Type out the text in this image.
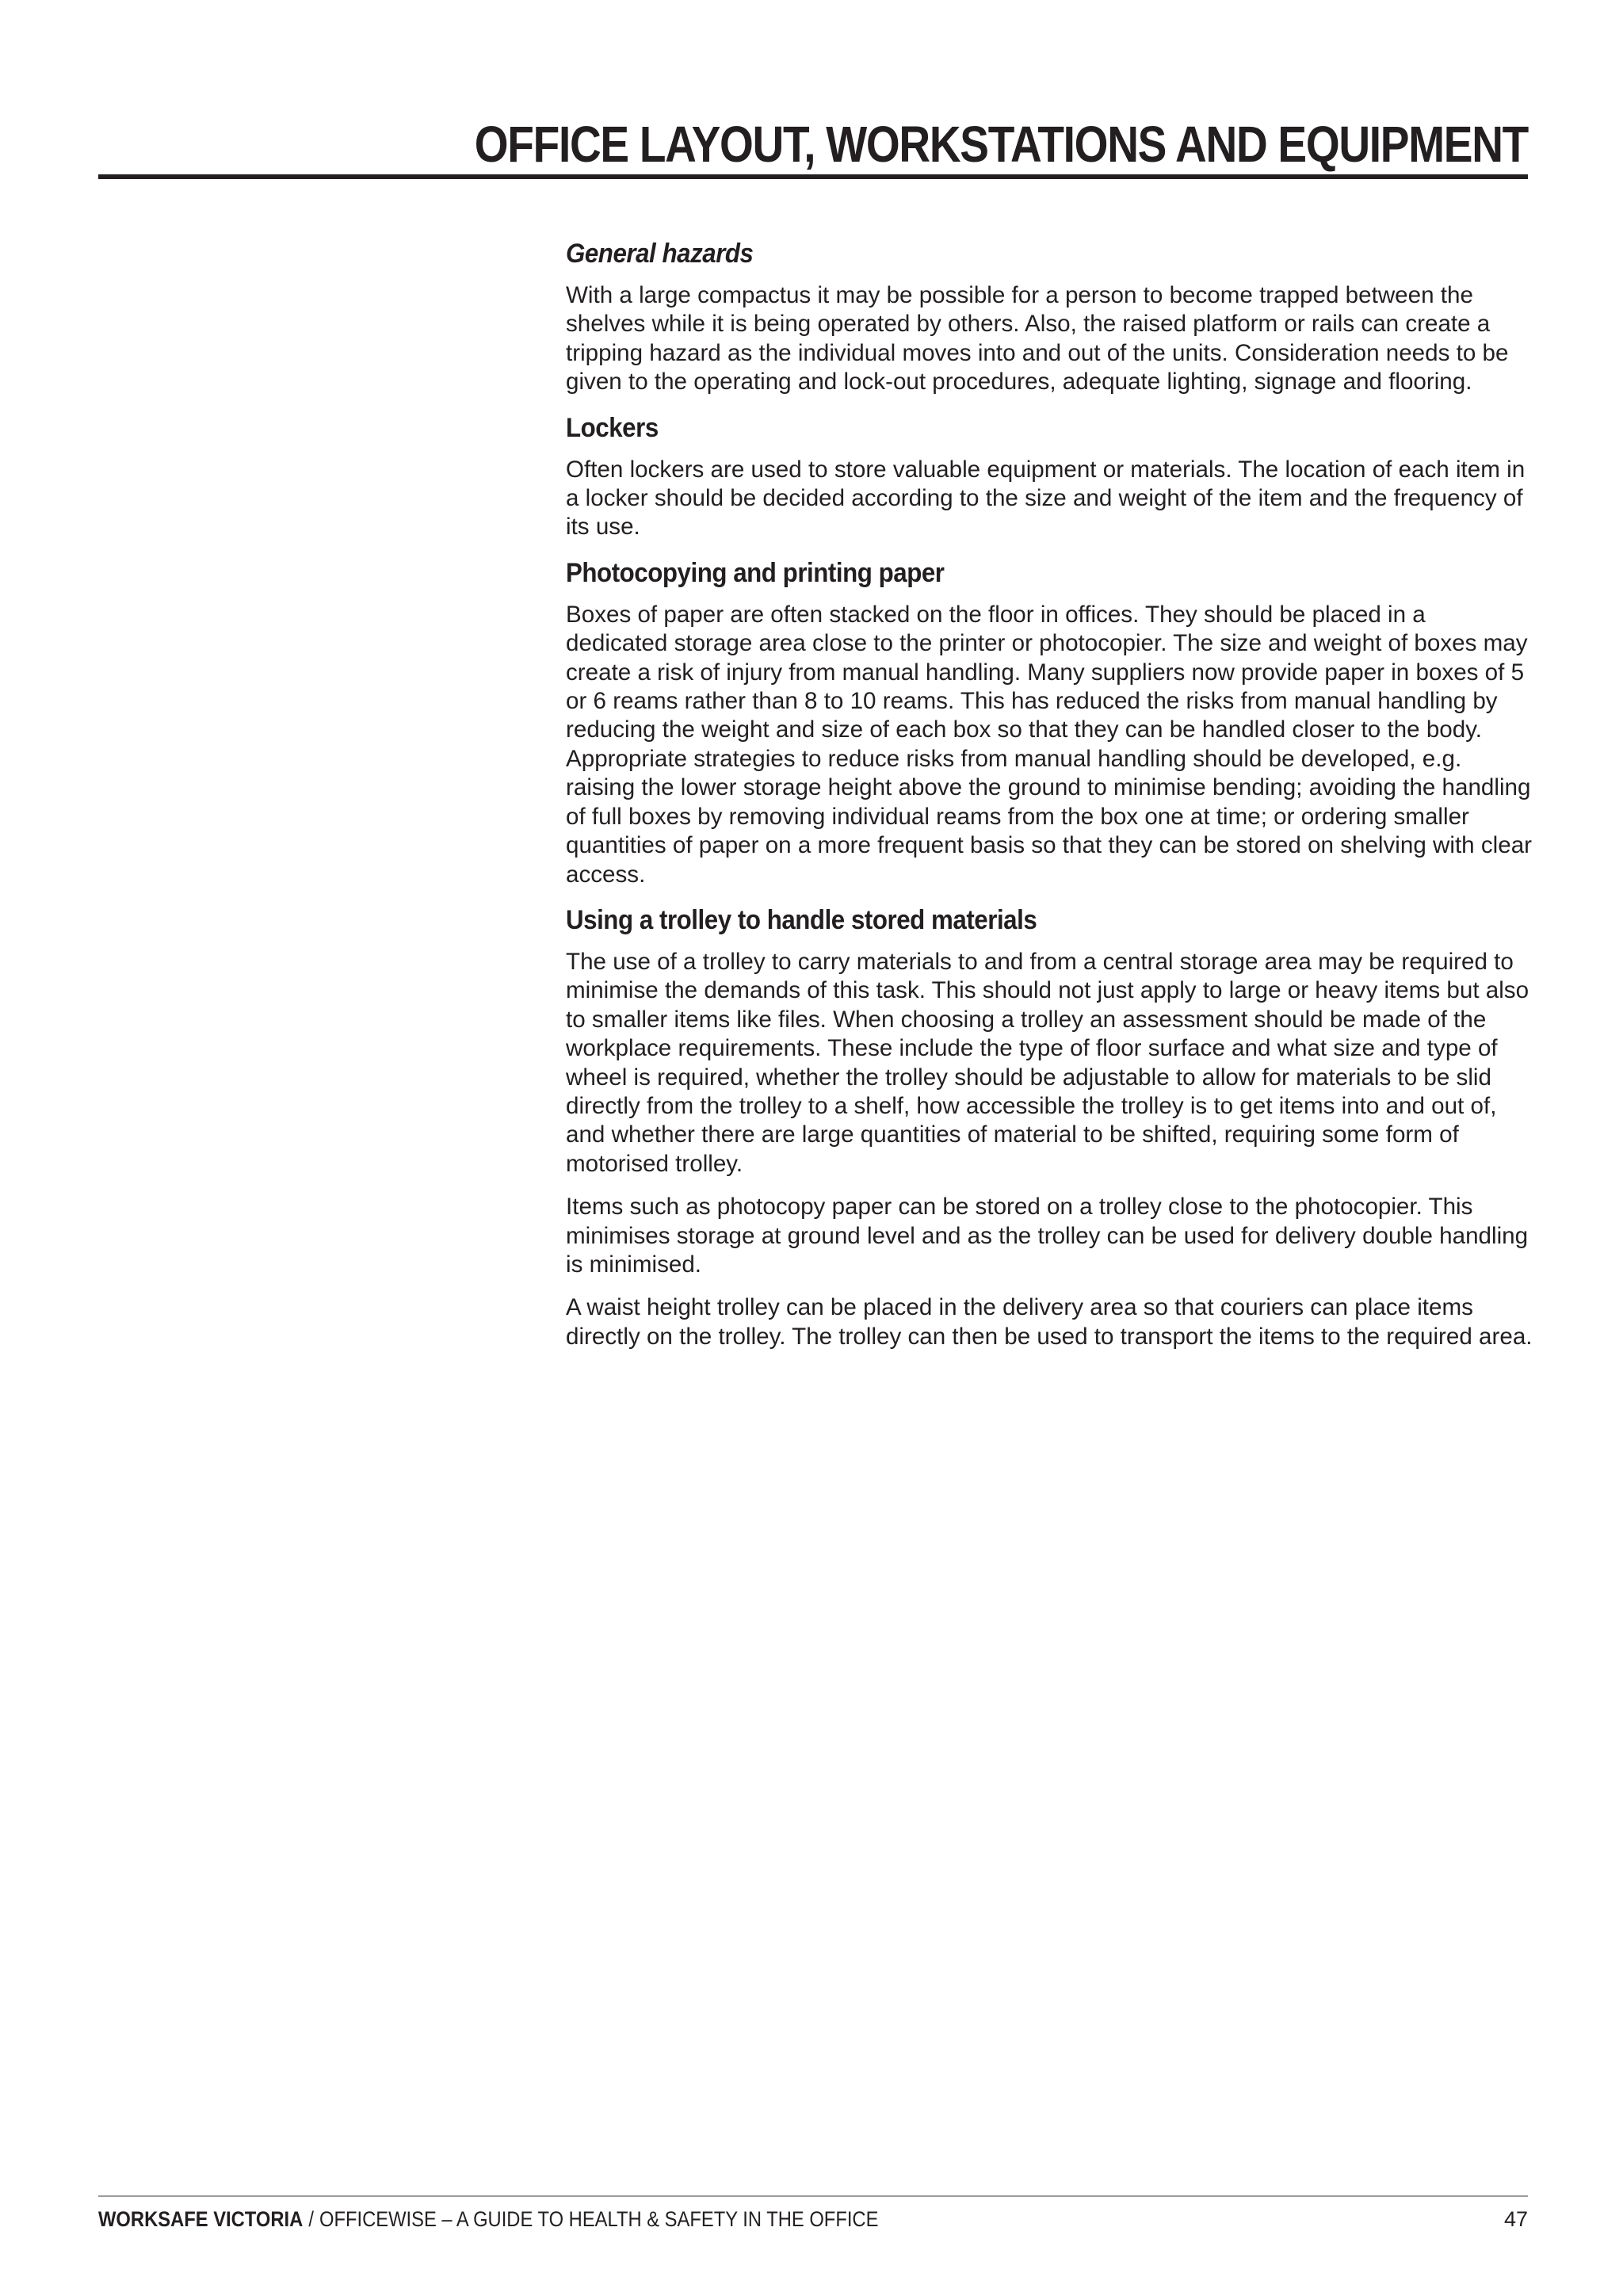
OFFICE LAYOUT, WORKSTATIONS AND EQUIPMENT
General hazards

With a large compactus it may be possible for a person to become trapped between the shelves while it is being operated by others. Also, the raised platform or rails can create a tripping hazard as the individual moves into and out of the units. Consideration needs to be given to the operating and lock-out procedures, adequate lighting, signage and flooring.

Lockers

Often lockers are used to store valuable equipment or materials. The location of each item in a locker should be decided according to the size and weight of the item and the frequency of its use.

Photocopying and printing paper

Boxes of paper are often stacked on the floor in offices. They should be placed in a dedicated storage area close to the printer or photocopier. The size and weight of boxes may create a risk of injury from manual handling. Many suppliers now provide paper in boxes of 5 or 6 reams rather than 8 to 10 reams. This has reduced the risks from manual handling by reducing the weight and size of each box so that they can be handled closer to the body. Appropriate strategies to reduce risks from manual handling should be developed, e.g. raising the lower storage height above the ground to minimise bending; avoiding the handling of full boxes by removing individual reams from the box one at time; or ordering smaller quantities of paper on a more frequent basis so that they can be stored on shelving with clear access.

Using a trolley to handle stored materials

The use of a trolley to carry materials to and from a central storage area may be required to minimise the demands of this task. This should not just apply to large or heavy items but also to smaller items like files. When choosing a trolley an assessment should be made of the workplace requirements. These include the type of floor surface and what size and type of wheel is required, whether the trolley should be adjustable to allow for materials to be slid directly from the trolley to a shelf, how accessible the trolley is to get items into and out of, and whether there are large quantities of material to be shifted, requiring some form of motorised trolley.

Items such as photocopy paper can be stored on a trolley close to the photocopier. This minimises storage at ground level and as the trolley can be used for delivery double handling is minimised.

A waist height trolley can be placed in the delivery area so that couriers can place items directly on the trolley. The trolley can then be used to transport the items to the required area.

WORKSAFE VICTORIA / OFFICEWISE – A GUIDE TO HEALTH & SAFETY IN THE OFFICE	47
